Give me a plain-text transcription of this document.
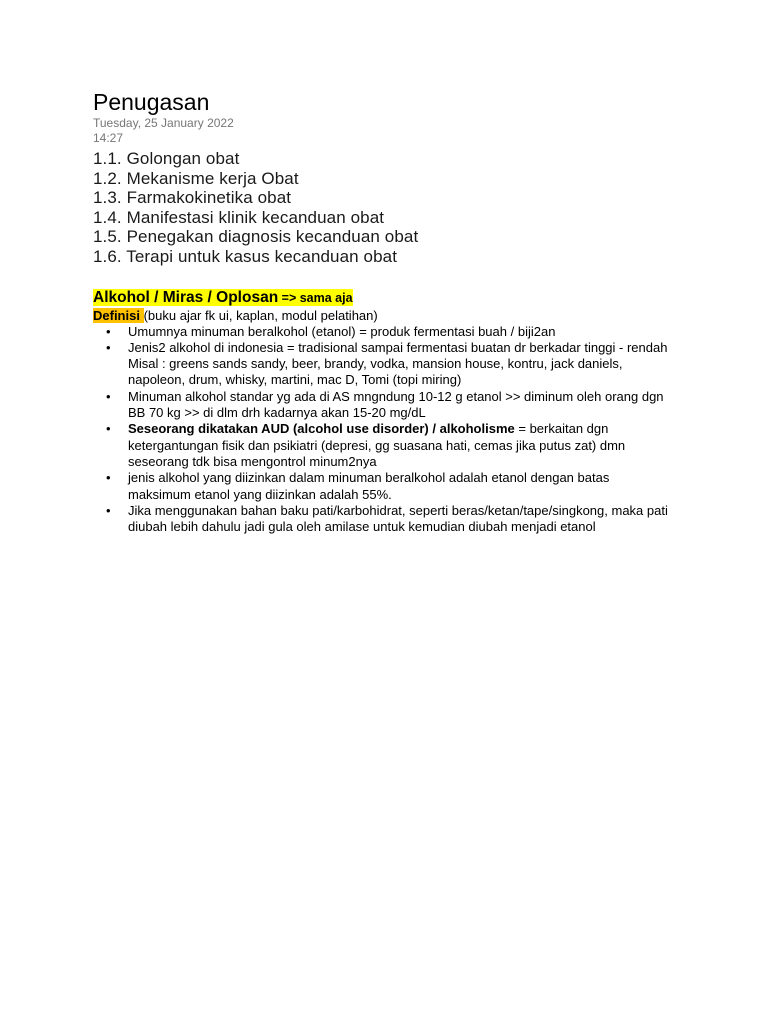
Penugasan
Tuesday, 25 January 2022
14:27
1.1. Golongan obat
1.2. Mekanisme kerja Obat
1.3. Farmakokinetika obat
1.4. Manifestasi klinik kecanduan obat
1.5. Penegakan diagnosis kecanduan obat
1.6. Terapi untuk kasus kecanduan obat
Alkohol / Miras / Oplosan => sama aja
Definisi (buku ajar fk ui, kaplan, modul pelatihan)
• Umumnya minuman beralkohol (etanol) = produk fermentasi buah / biji2an
• Jenis2 alkohol di indonesia = tradisional sampai fermentasi buatan dr berkadar tinggi - rendah
Misal : greens sands sandy, beer, brandy, vodka, mansion house, kontru, jack daniels,
napoleon, drum, whisky, martini, mac D, Tomi (topi miring)
• Minuman alkohol standar yg ada di AS mngndung 10-12 g etanol >> diminum oleh orang dgn
BB 70 kg >> di dlm drh kadarnya akan 15-20 mg/dL
• Seseorang dikatakan AUD (alcohol use disorder) / alkoholisme = berkaitan dgn
ketergantungan fisik dan psikiatri (depresi, gg suasana hati, cemas jika putus zat) dmn
seseorang tdk bisa mengontrol minum2nya
• jenis alkohol yang diizinkan dalam minuman beralkohol adalah etanol dengan batas
maksimum etanol yang diizinkan adalah 55%.
• Jika menggunakan bahan baku pati/karbohidrat, seperti beras/ketan/tape/singkong, maka pati
diubah lebih dahulu jadi gula oleh amilase untuk kemudian diubah menjadi etanol
